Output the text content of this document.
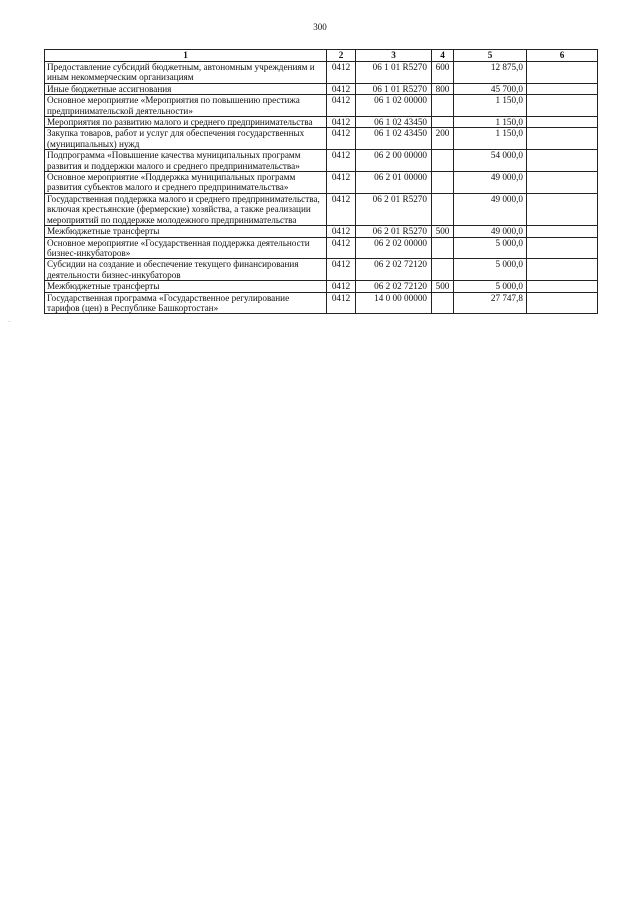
300
·
1	2	3	4	5	6
Предоставление субсидий бюджетным, автономным учреждениям и иным некоммерческим организациям	0412	06 1 01 R5270	600	12 875,0	
Иные бюджетные ассигнования	0412	06 1 01 R5270	800	45 700,0	
Основное мероприятие «Мероприятия по повышению престижа предпринимательской деятельности»	0412	06 1 02 00000		1 150,0	
Мероприятия по развитию малого и среднего предпринимательства	0412	06 1 02 43450		1 150,0	
Закупка товаров, работ и услуг для обеспечения государственных (муниципальных) нужд	0412	06 1 02 43450	200	1 150,0	
Подпрограмма «Повышение качества муниципальных программ развития и поддержки малого и среднего предпринимательства»	0412	06 2 00 00000		54 000,0	
Основное мероприятие «Поддержка муниципальных программ развития субъектов малого и среднего предпринимательства»	0412	06 2 01 00000		49 000,0	
Государственная поддержка малого и среднего предпринимательства, включая крестьянские (фермерские) хозяйства, а также реализации мероприятий по поддержке молодежного предпринимательства	0412	06 2 01 R5270		49 000,0	
Межбюджетные трансферты	0412	06 2 01 R5270	500	49 000,0	
Основное мероприятие «Государственная поддержка деятельности бизнес-инкубаторов»	0412	06 2 02 00000		5 000,0	
Субсидии на создание и обеспечение текущего финансирования деятельности бизнес-инкубаторов	0412	06 2 02 72120		5 000,0	
Межбюджетные трансферты	0412	06 2 02 72120	500	5 000,0	
Государственная программа «Государственное регулирование тарифов (цен) в Республике Башкортостан»	0412	14 0 00 00000		27 747,8	
